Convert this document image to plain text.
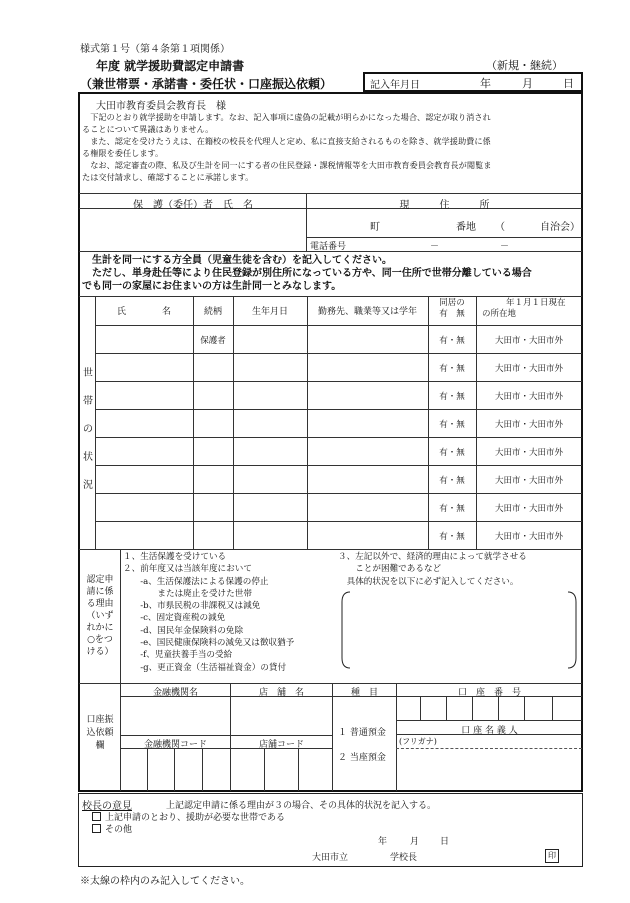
様式第１号（第４条第１項関係）
年度 就学援助費認定申請書	（新規・継続）
（兼世帯票・承諾書・委任状・口座振込依頼）	記入年月日	年	月	日
大田市教育委員会教育長　様
　下記のとおり就学援助を申請します。なお、記入事項に虚偽の記載が明らかになった場合、認定が取り消され
ることについて異議はありません。
　また、認定を受けたうえは、在籍校の校長を代理人と定め、私に直接支給されるものを除き、就学援助費に係
る権限を委任します。
　なお、認定審査の際、私及び生計を同一にする者の住民登録・課税情報等を大田市教育委員会教育長が閲覧ま
たは交付請求し、確認することに承諾します。
保　護（委任）者　氏　名	現　　　住　　　所
町	番地 （	自治会）
電話番号	－	－
生計を同一にする方全員（児童生徒を含む）を記入してください。
　ただし、単身赴任等により住民登録が別住所になっている方や、同一住所で世帯分離している場合
でも同一の家屋にお住まいの方は生計同一とみなします。
氏　　　　名	続柄	生年月日	勤務先、職業等又は学年
同居の
有　無
年１月１日現在
の所在地
世
帯
の
状
況
保護者	有・無	大田市・大田市外
有・無	大田市・大田市外
有・無	大田市・大田市外
有・無	大田市・大田市外
有・無	大田市・大田市外
有・無	大田市・大田市外
有・無	大田市・大田市外
有・無	大田市・大田市外
認定申
請に係
る理由
（いず
れかに
○をつ
ける）
１、生活保護を受けている
２、前年度又は当該年度において
　　-a、生活保護法による保護の停止
　　　　または廃止を受けた世帯
　　-b、市県民税の非課税又は減免
　　-c、固定資産税の減免
　　-d、国民年金保険料の免除
　　-e、国民健康保険料の減免又は徴収猶予
　　-f、児童扶養手当の受給
　　-g、更正資金（生活福祉資金）の貸付
３、左記以外で、経済的理由によって就学させる
　　ことが困難であるなど
　具体的状況を以下に必ず記入してください。
口座振
込依頼
欄
金融機関名	店　舗　名	種　目	口　座　番　号
金融機関コード	店舗コード
１ 普通預金
２ 当座預金
口 座 名 義 人
(フリガナ)
校長の意見	上記認定申請に係る理由が３の場合、その具体的状況を記入する。
上記申請のとおり、援助が必要な世帯である
その他
年	月 日
大田市立	学校長	印
※太線の枠内のみ記入してください。
